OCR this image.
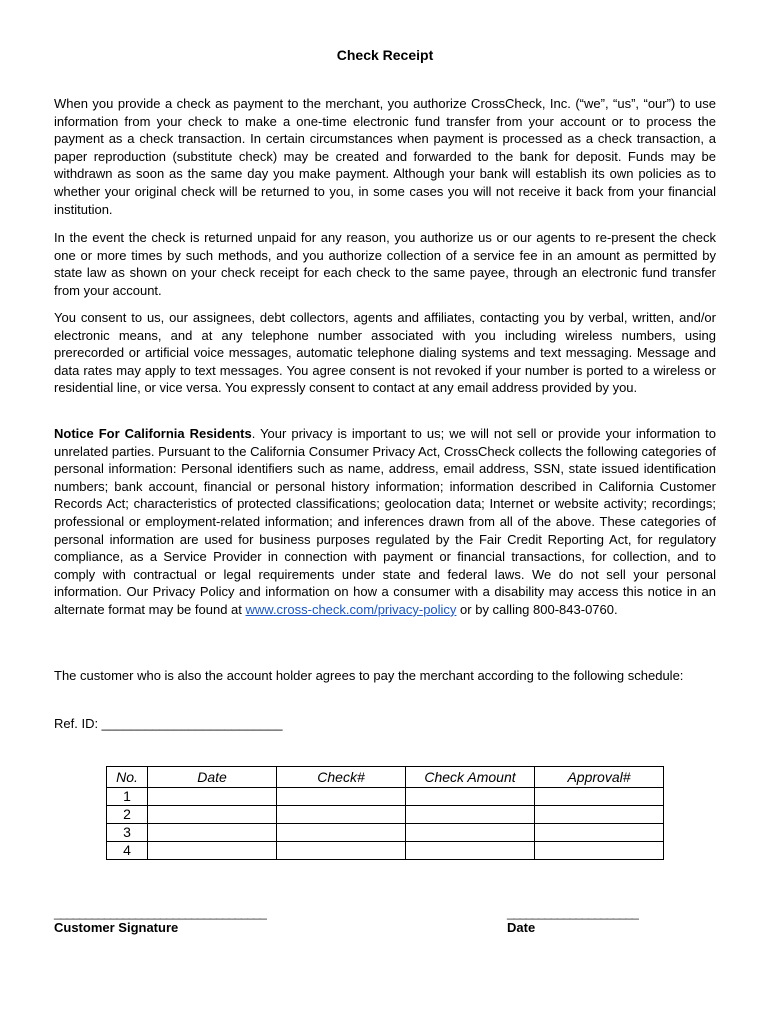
Check Receipt

When you provide a check as payment to the merchant, you authorize CrossCheck, Inc. (“we”, “us”, “our”) to use information from your check to make a one-time electronic fund transfer from your account or to process the payment as a check transaction. In certain circumstances when payment is processed as a check transaction, a paper reproduction (substitute check) may be created and forwarded to the bank for deposit. Funds may be withdrawn as soon as the same day you make payment. Although your bank will establish its own policies as to whether your original check will be returned to you, in some cases you will not receive it back from your financial institution.

In the event the check is returned unpaid for any reason, you authorize us or our agents to re-present the check one or more times by such methods, and you authorize collection of a service fee in an amount as permitted by state law as shown on your check receipt for each check to the same payee, through an electronic fund transfer from your account.

You consent to us, our assignees, debt collectors, agents and affiliates, contacting you by verbal, written, and/or electronic means, and at any telephone number associated with you including wireless numbers, using prerecorded or artificial voice messages, automatic telephone dialing systems and text messaging. Message and data rates may apply to text messages. You agree consent is not revoked if your number is ported to a wireless or residential line, or vice versa. You expressly consent to contact at any email address provided by you.

Notice For California Residents. Your privacy is important to us; we will not sell or provide your information to unrelated parties. Pursuant to the California Consumer Privacy Act, CrossCheck collects the following categories of personal information: Personal identifiers such as name, address, email address, SSN, state issued identification numbers; bank account, financial or personal history information; information described in California Customer Records Act; characteristics of protected classifications; geolocation data; Internet or website activity; recordings; professional or employment-related information; and inferences drawn from all of the above. These categories of personal information are used for business purposes regulated by the Fair Credit Reporting Act, for regulatory compliance, as a Service Provider in connection with payment or financial transactions, for collection, and to comply with contractual or legal requirements under state and federal laws. We do not sell your personal information. Our Privacy Policy and information on how a consumer with a disability may access this notice in an alternate format may be found at www.cross-check.com/privacy-policy or by calling 800-843-0760.

The customer who is also the account holder agrees to pay the merchant according to the following schedule:

Ref. ID: _________________________
No.	Date	Check#	Check Amount	Approval#
1				
2				
3				
4				
__________________________________
Customer Signature
_____________________
Date
